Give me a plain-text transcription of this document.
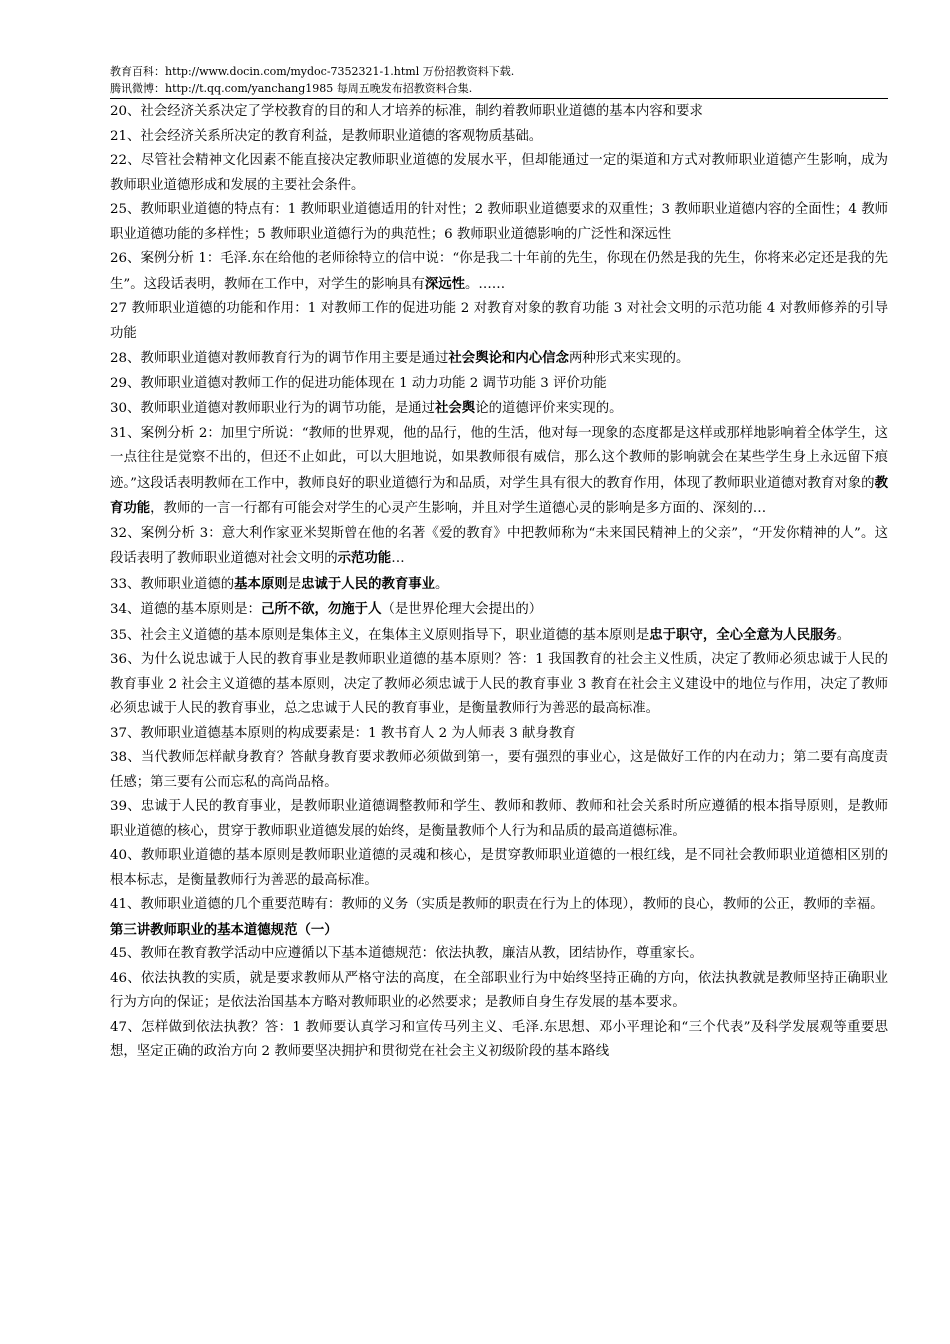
教育百科：http://www.docin.com/mydoc-7352321-1.html 万份招教资料下载.
腾讯微博：http://t.qq.com/yanchang1985 每周五晚发布招教资料合集.

20、社会经济关系决定了学校教育的目的和人才培养的标准，制约着教师职业道德的基本内容和要求

21、社会经济关系所决定的教育利益，是教师职业道德的客观物质基础。

22、尽管社会精神文化因素不能直接决定教师职业道德的发展水平，但却能通过一定的渠道和方式对教师职业道德产生影响，成为教师职业道德形成和发展的主要社会条件。

25、教师职业道德的特点有：1 教师职业道德适用的针对性；2 教师职业道德要求的双重性；3 教师职业道德内容的全面性；4 教师职业道德功能的多样性；5 教师职业道德行为的典范性；6 教师职业道德影响的广泛性和深远性

26、案例分析 1：毛泽.东在给他的老师徐特立的信中说：“你是我二十年前的先生，你现在仍然是我的先生，你将来必定还是我的先生”。这段话表明，教师在工作中，对学生的影响具有深远性。……

27 教师职业道德的功能和作用：1 对教师工作的促进功能 2 对教育对象的教育功能 3 对社会文明的示范功能 4 对教师修养的引导功能

28、教师职业道德对教师教育行为的调节作用主要是通过社会舆论和内心信念两种形式来实现的。

29、教师职业道德对教师工作的促进功能体现在 1 动力功能 2 调节功能 3 评价功能

30、教师职业道德对教师职业行为的调节功能，是通过社会舆论的道德评价来实现的。

31、案例分析 2：加里宁所说：“教师的世界观，他的品行，他的生活，他对每一现象的态度都是这样或那样地影响着全体学生，这一点往往是觉察不出的，但还不止如此，可以大胆地说，如果教师很有威信，那么这个教师的影响就会在某些学生身上永远留下痕迹。”这段话表明教师在工作中，教师良好的职业道德行为和品质，对学生具有很大的教育作用，体现了教师职业道德对教育对象的教育功能，教师的一言一行都有可能会对学生的心灵产生影响，并且对学生道德心灵的影响是多方面的、深刻的…

32、案例分析 3：意大利作家亚米契斯曾在他的名著《爱的教育》中把教师称为“未来国民精神上的父亲”，“开发你精神的人”。这段话表明了教师职业道德对社会文明的示范功能…

33、教师职业道德的基本原则是忠诚于人民的教育事业。

34、道德的基本原则是：己所不欲，勿施于人（是世界伦理大会提出的）

35、社会主义道德的基本原则是集体主义，在集体主义原则指导下，职业道德的基本原则是忠于职守，全心全意为人民服务。

36、为什么说忠诚于人民的教育事业是教师职业道德的基本原则？答：1 我国教育的社会主义性质，决定了教师必须忠诚于人民的教育事业 2 社会主义道德的基本原则，决定了教师必须忠诚于人民的教育事业 3 教育在社会主义建设中的地位与作用，决定了教师必须忠诚于人民的教育事业，总之忠诚于人民的教育事业，是衡量教师行为善恶的最高标准。

37、教师职业道德基本原则的构成要素是：1 教书育人 2 为人师表 3 献身教育

38、当代教师怎样献身教育？答献身教育要求教师必须做到第一，要有强烈的事业心，这是做好工作的内在动力；第二要有高度责任感；第三要有公而忘私的高尚品格。

39、忠诚于人民的教育事业，是教师职业道德调整教师和学生、教师和教师、教师和社会关系时所应遵循的根本指导原则，是教师职业道德的核心，贯穿于教师职业道德发展的始终，是衡量教师个人行为和品质的最高道德标准。

40、教师职业道德的基本原则是教师职业道德的灵魂和核心，是贯穿教师职业道德的一根红线，是不同社会教师职业道德相区别的根本标志，是衡量教师行为善恶的最高标准。

41、教师职业道德的几个重要范畴有：教师的义务（实质是教师的职责在行为上的体现），教师的良心，教师的公正，教师的幸福。

第三讲教师职业的基本道德规范（一）

45、教师在教育教学活动中应遵循以下基本道德规范：依法执教，廉洁从教，团结协作，尊重家长。

46、依法执教的实质，就是要求教师从严格守法的高度，在全部职业行为中始终坚持正确的方向，依法执教就是教师坚持正确职业行为方向的保证；是依法治国基本方略对教师职业的必然要求；是教师自身生存发展的基本要求。

47、怎样做到依法执教？答：1 教师要认真学习和宣传马列主义、毛泽.东思想、邓小平理论和“三个代表”及科学发展观等重要思想，坚定正确的政治方向 2 教师要坚决拥护和贯彻党在社会主义初级阶段的基本路线
